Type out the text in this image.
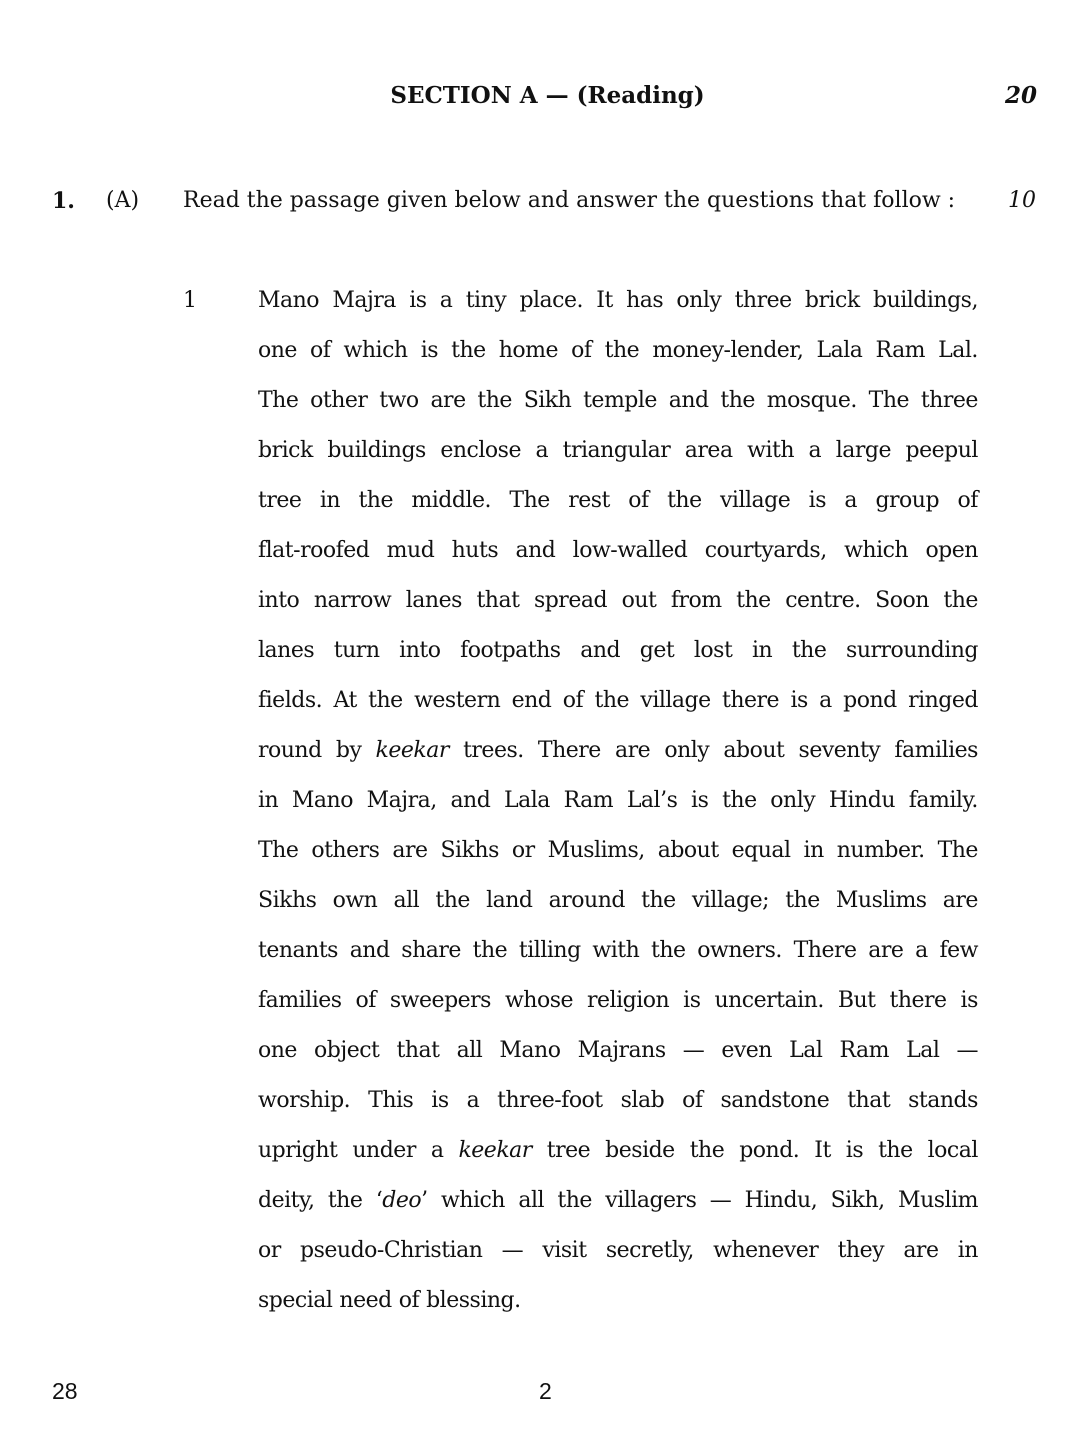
SECTION A — (Reading)	20
1. (A) Read the passage given below and answer the questions that follow : 10
1	Mano Majra is a tiny place. It has only three brick buildings,
one of which is the home of the money-lender, Lala Ram Lal.
The other two are the Sikh temple and the mosque. The three
brick buildings enclose a triangular area with a large peepul
tree in the middle. The rest of the village is a group of
flat-roofed mud huts and low-walled courtyards, which open
into narrow lanes that spread out from the centre. Soon the
lanes turn into footpaths and get lost in the surrounding
fields. At the western end of the village there is a pond ringed
round by keekar trees. There are only about seventy families
in Mano Majra, and Lala Ram Lal’s is the only Hindu family.
The others are Sikhs or Muslims, about equal in number. The
Sikhs own all the land around the village; the Muslims are
tenants and share the tilling with the owners. There are a few
families of sweepers whose religion is uncertain. But there is
one object that all Mano Majrans — even Lal Ram Lal —
worship. This is a three-foot slab of sandstone that stands
upright under a keekar tree beside the pond. It is the local
deity, the ‘deo’ which all the villagers — Hindu, Sikh, Muslim
or pseudo-Christian — visit secretly, whenever they are in
special need of blessing.
28	2
